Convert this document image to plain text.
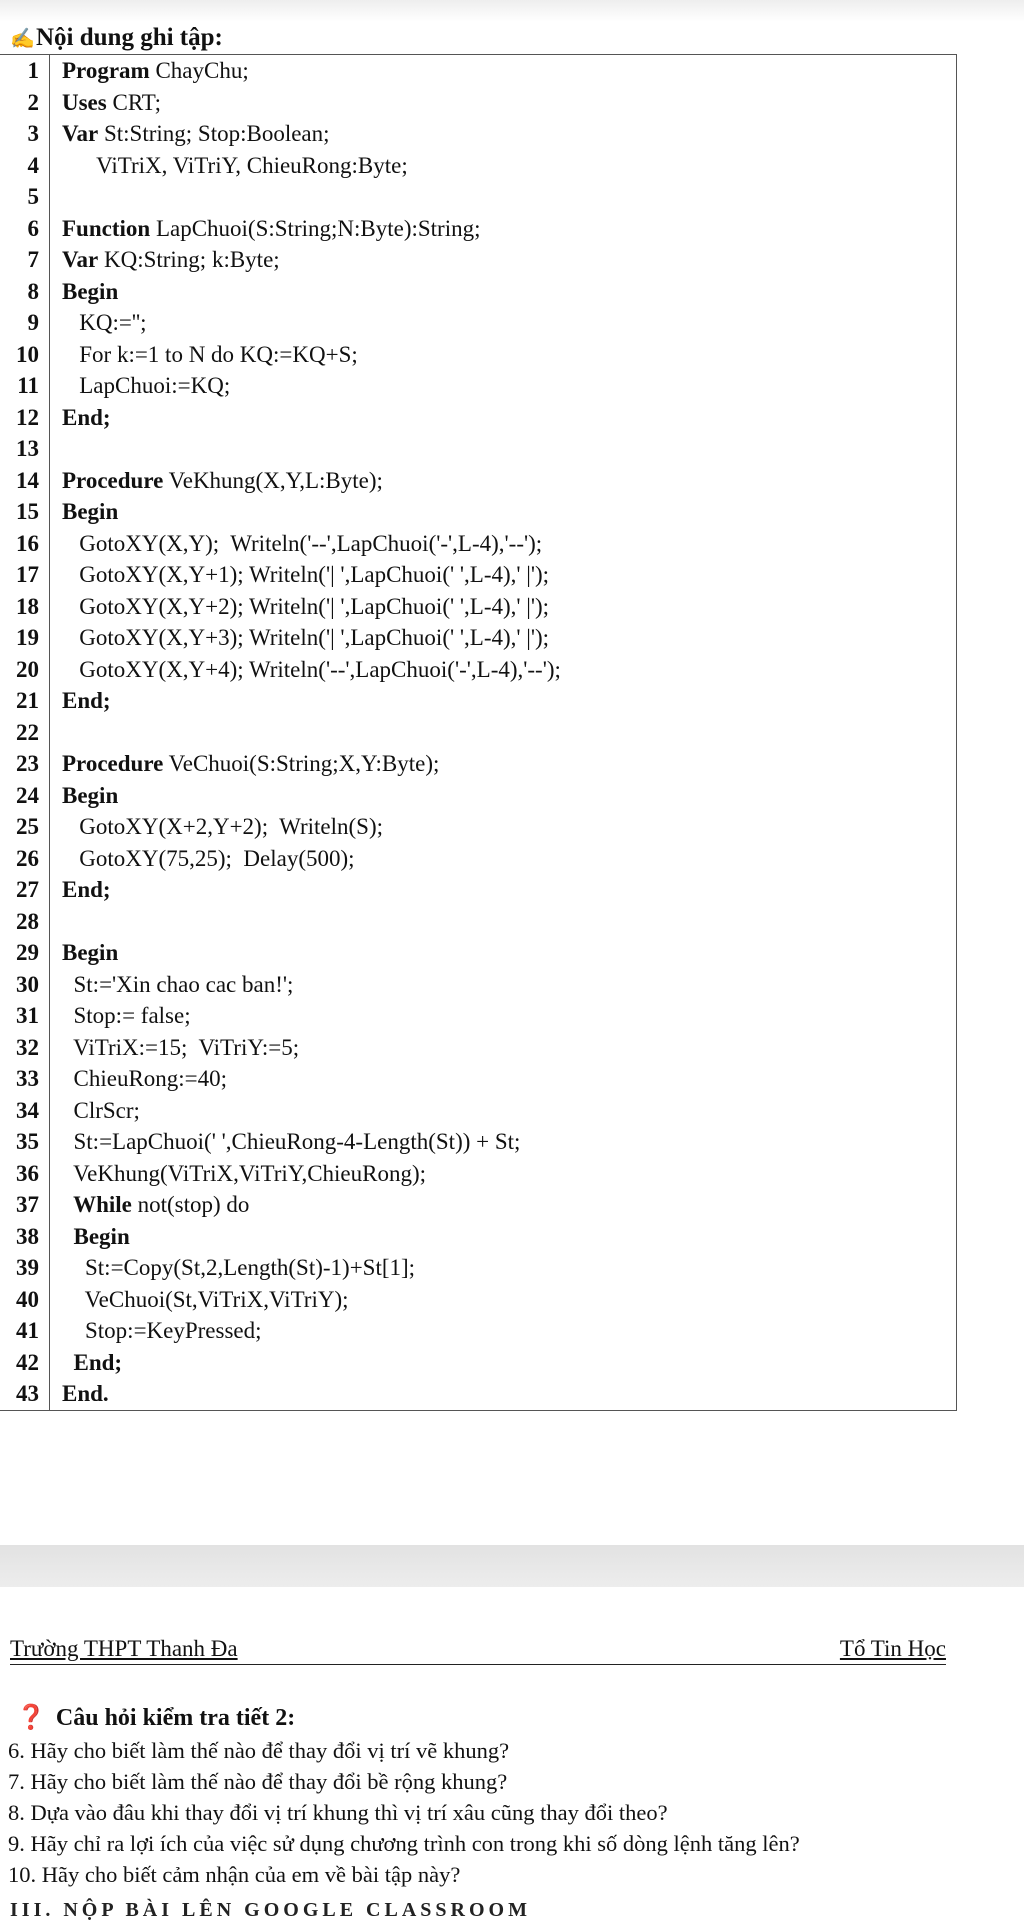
✍Nội dung ghi tập:
1	Program ChayChu;
2	Uses CRT;
3	Var St:String; Stop:Boolean;
4	ViTriX, ViTriY, ChieuRong:Byte;
5
6	Function LapChuoi(S:String;N:Byte):String;
7	Var KQ:String; k:Byte;
8	Begin
9	KQ:='';
10	For k:=1 to N do KQ:=KQ+S;
11	LapChuoi:=KQ;
12	End;
13
14	Procedure VeKhung(X,Y,L:Byte);
15	Begin
16	GotoXY(X,Y);  Writeln('--',LapChuoi('-',L-4),'--');
17	GotoXY(X,Y+1); Writeln('| ',LapChuoi(' ',L-4),' |');
18	GotoXY(X,Y+2); Writeln('| ',LapChuoi(' ',L-4),' |');
19	GotoXY(X,Y+3); Writeln('| ',LapChuoi(' ',L-4),' |');
20	GotoXY(X,Y+4); Writeln('--',LapChuoi('-',L-4),'--');
21	End;
22
23	Procedure VeChuoi(S:String;X,Y:Byte);
24	Begin
25	GotoXY(X+2,Y+2);  Writeln(S);
26	GotoXY(75,25);  Delay(500);
27	End;
28
29	Begin
30	St:='Xin chao cac ban!';
31	Stop:= false;
32	ViTriX:=15;  ViTriY:=5;
33	ChieuRong:=40;
34	ClrScr;
35	St:=LapChuoi(' ',ChieuRong-4-Length(St)) + St;
36	VeKhung(ViTriX,ViTriY,ChieuRong);
37	While not(stop) do
38	Begin
39	St:=Copy(St,2,Length(St)-1)+St[1];
40	VeChuoi(St,ViTriX,ViTriY);
41	Stop:=KeyPressed;
42	End;
43	End.
Trường THPT Thanh Đa	Tổ Tin Học
❓ Câu hỏi kiểm tra tiết 2:
6. Hãy cho biết làm thế nào để thay đổi vị trí vẽ khung?
7. Hãy cho biết làm thế nào để thay đổi bề rộng khung?
8. Dựa vào đâu khi thay đổi vị trí khung thì vị trí xâu cũng thay đổi theo?
9. Hãy chỉ ra lợi ích của việc sử dụng chương trình con trong khi số dòng lệnh tăng lên?
10. Hãy cho biết cảm nhận của em về bài tập này?
III. NỘP BÀI LÊN GOOGLE CLASSROOM
